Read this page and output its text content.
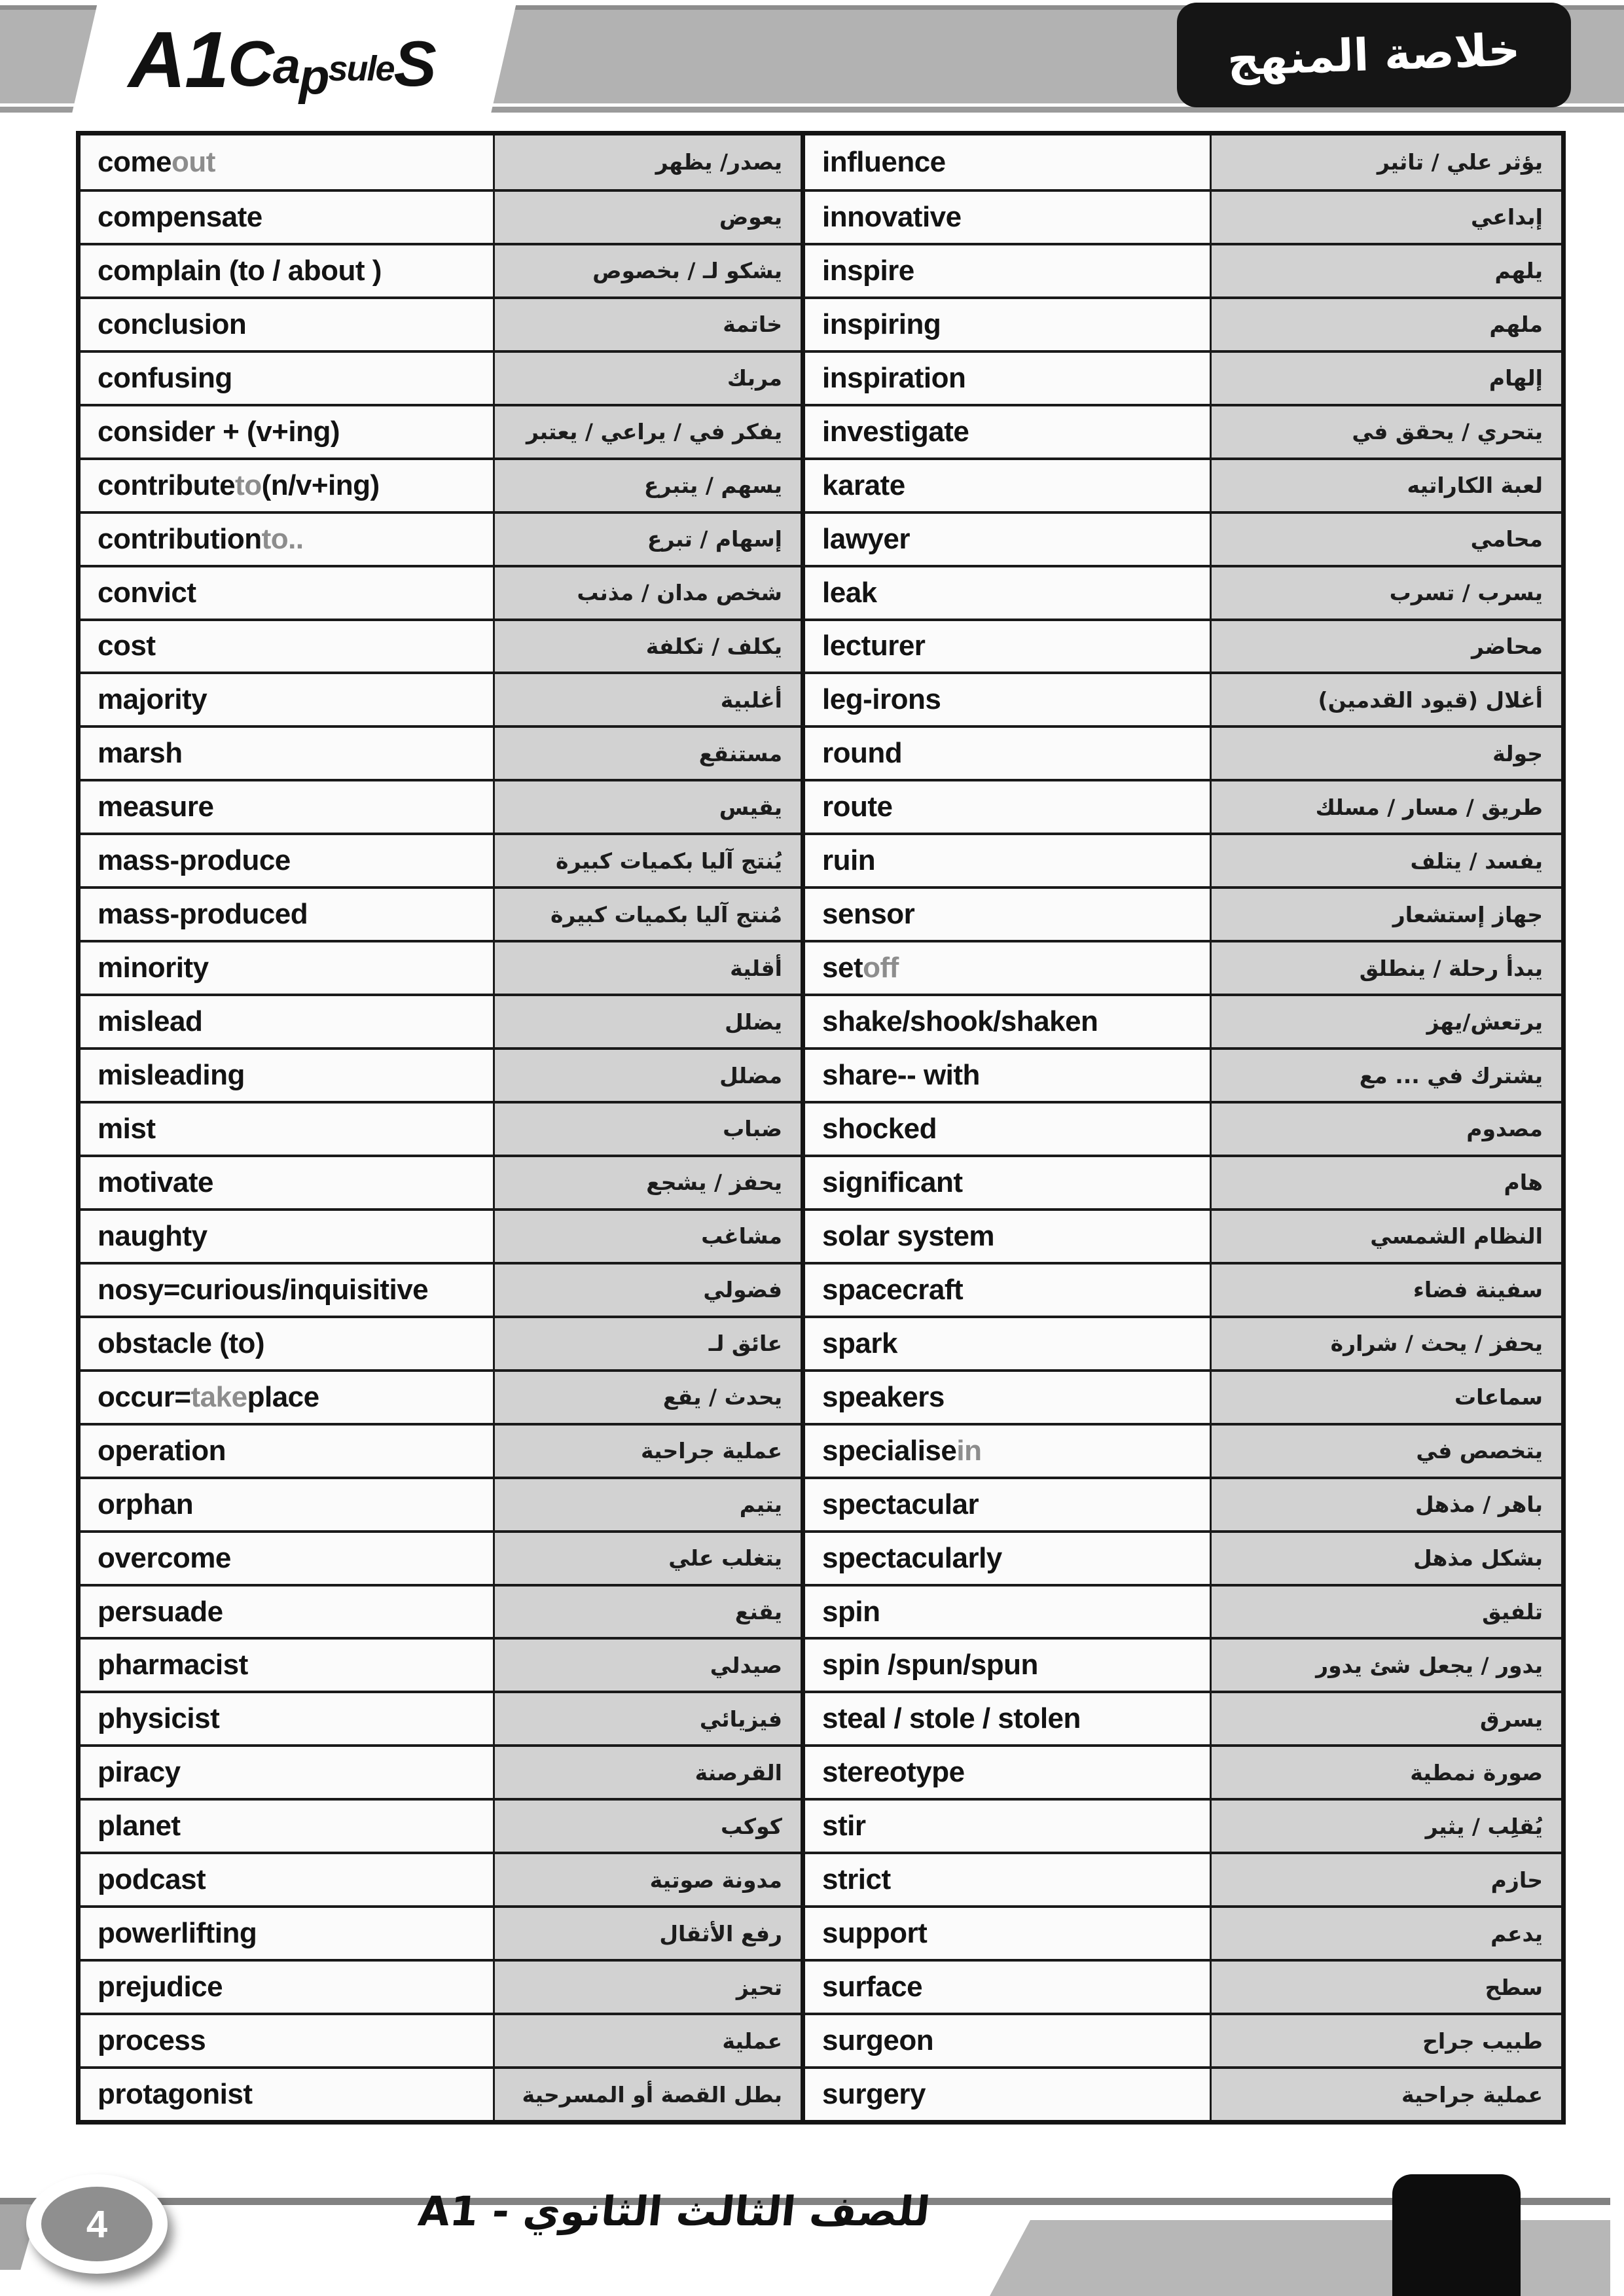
A1CapsuleS	خلاصة المنهج
come out	يصدر/ يظهر	influence	يؤثر علي / تاثير
compensate	يعوض	innovative	إبداعي
complain (to / about )	يشكو لـ / بخصوص	inspire	يلهم
conclusion	خاتمة	inspiring	ملهم
confusing	مربك	inspiration	إلهام
consider + (v+ing)	يفكر في / يراعي / يعتبر	investigate	يتحري / يحقق في
contribute to (n/v+ing)	يسهم / يتبرع	karate	لعبة الكاراتيه
contribution to..	إسهام / تبرع	lawyer	محامي
convict	شخص مدان / مذنب	leak	يسرب / تسرب
cost	يكلف / تكلفة	lecturer	محاضر
majority	أغلبية	leg-irons	أغلال (قيود القدمين)
marsh	مستنقع	round	جولة
measure	يقيس	route	طريق / مسار / مسلك
mass-produce	يُنتج آليا بكميات كبيرة	ruin	يفسد / يتلف
mass-produced	مُنتج آليا بكميات كبيرة	sensor	جهاز إستشعار
minority	أقلية	set off	يبدأ رحلة / ينطلق
mislead	يضلل	shake/shook/shaken	يرتعش/يهز
misleading	مضلل	share-- with	يشترك في ... مع
mist	ضباب	shocked	مصدوم
motivate	يحفز / يشجع	significant	هام
naughty	مشاغب	solar system	النظام الشمسي
nosy=curious/inquisitive	فضولي	spacecraft	سفينة فضاء
obstacle (to)	عائق لـ	spark	يحفز / يحث / شرارة
occur= take place	يحدث / يقع	speakers	سماعات
operation	عملية جراحية	specialise in	يتخصص في
orphan	يتيم	spectacular	باهر / مذهل
overcome	يتغلب علي	spectacularly	بشكل مذهل
persuade	يقنع	spin	تلفيق
pharmacist	صيدلي	spin /spun/spun	يدور / يجعل شئ يدور
physicist	فيزيائي	steal / stole / stolen	يسرق
piracy	القرصنة	stereotype	صورة نمطية
planet	كوكب	stir	يُقلِب / يثير
podcast	مدونة صوتية	strict	حازم
powerlifting	رفع الأثقال	support	يدعم
prejudice	تحيز	surface	سطح
process	عملية	surgeon	طبيب جراح
protagonist	بطل القصة أو المسرحية	surgery	عملية جراحية
4	للصف الثالث الثانوي - A1
